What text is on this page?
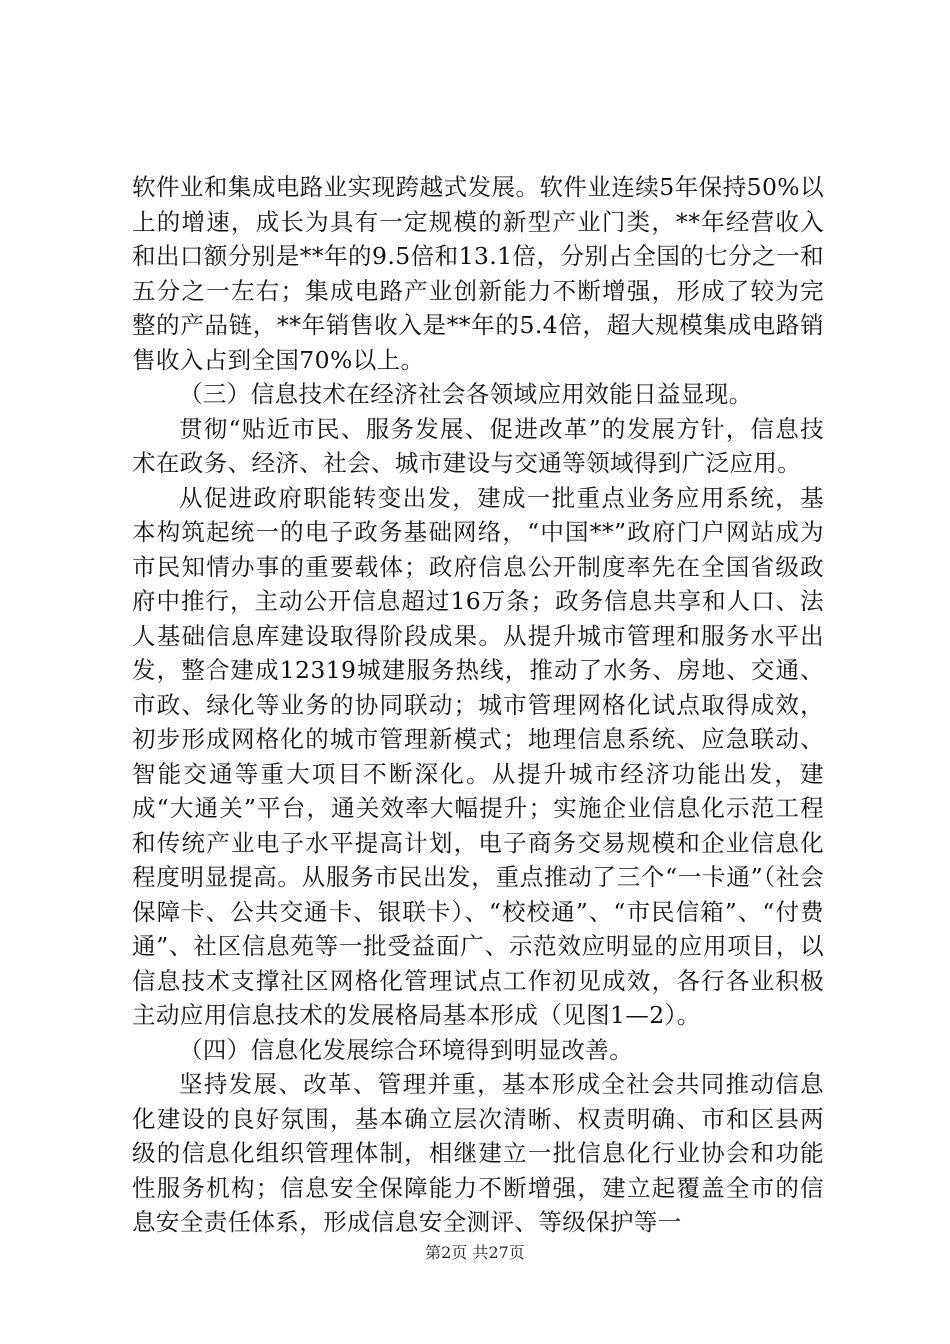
软件业和集成电路业实现跨越式发展。软件业连续5年保持50%以上的增速，成长为具有一定规模的新型产业门类，**年经营收入和出口额分别是**年的9.5倍和13.1倍，分别占全国的七分之一和五分之一左右；集成电路产业创新能力不断增强，形成了较为完整的产品链，**年销售收入是**年的5.4倍，超大规模集成电路销售收入占到全国70%以上。

（三）信息技术在经济社会各领域应用效能日益显现。

贯彻“贴近市民、服务发展、促进改革”的发展方针，信息技术在政务、经济、社会、城市建设与交通等领域得到广泛应用。

从促进政府职能转变出发，建成一批重点业务应用系统，基本构筑起统一的电子政务基础网络，“中国**”政府门户网站成为市民知情办事的重要载体；政府信息公开制度率先在全国省级政府中推行，主动公开信息超过16万条；政务信息共享和人口、法人基础信息库建设取得阶段成果。从提升城市管理和服务水平出发，整合建成12319城建服务热线，推动了水务、房地、交通、市政、绿化等业务的协同联动；城市管理网格化试点取得成效，初步形成网格化的城市管理新模式；地理信息系统、应急联动、智能交通等重大项目不断深化。从提升城市经济功能出发，建成“大通关”平台，通关效率大幅提升；实施企业信息化示范工程和传统产业电子水平提高计划，电子商务交易规模和企业信息化程度明显提高。从服务市民出发，重点推动了三个“一卡通”（社会保障卡、公共交通卡、银联卡）、“校校通”、“市民信箱”、“付费通”、社区信息苑等一批受益面广、示范效应明显的应用项目，以信息技术支撑社区网格化管理试点工作初见成效，各行各业积极主动应用信息技术的发展格局基本形成（见图1—2）。

（四）信息化发展综合环境得到明显改善。

坚持发展、改革、管理并重，基本形成全社会共同推动信息化建设的良好氛围，基本确立层次清晰、权责明确、市和区县两级的信息化组织管理体制，相继建立一批信息化行业协会和功能性服务机构；信息安全保障能力不断增强，建立起覆盖全市的信息安全责任体系，形成信息安全测评、等级保护等一

第2页 共27页
